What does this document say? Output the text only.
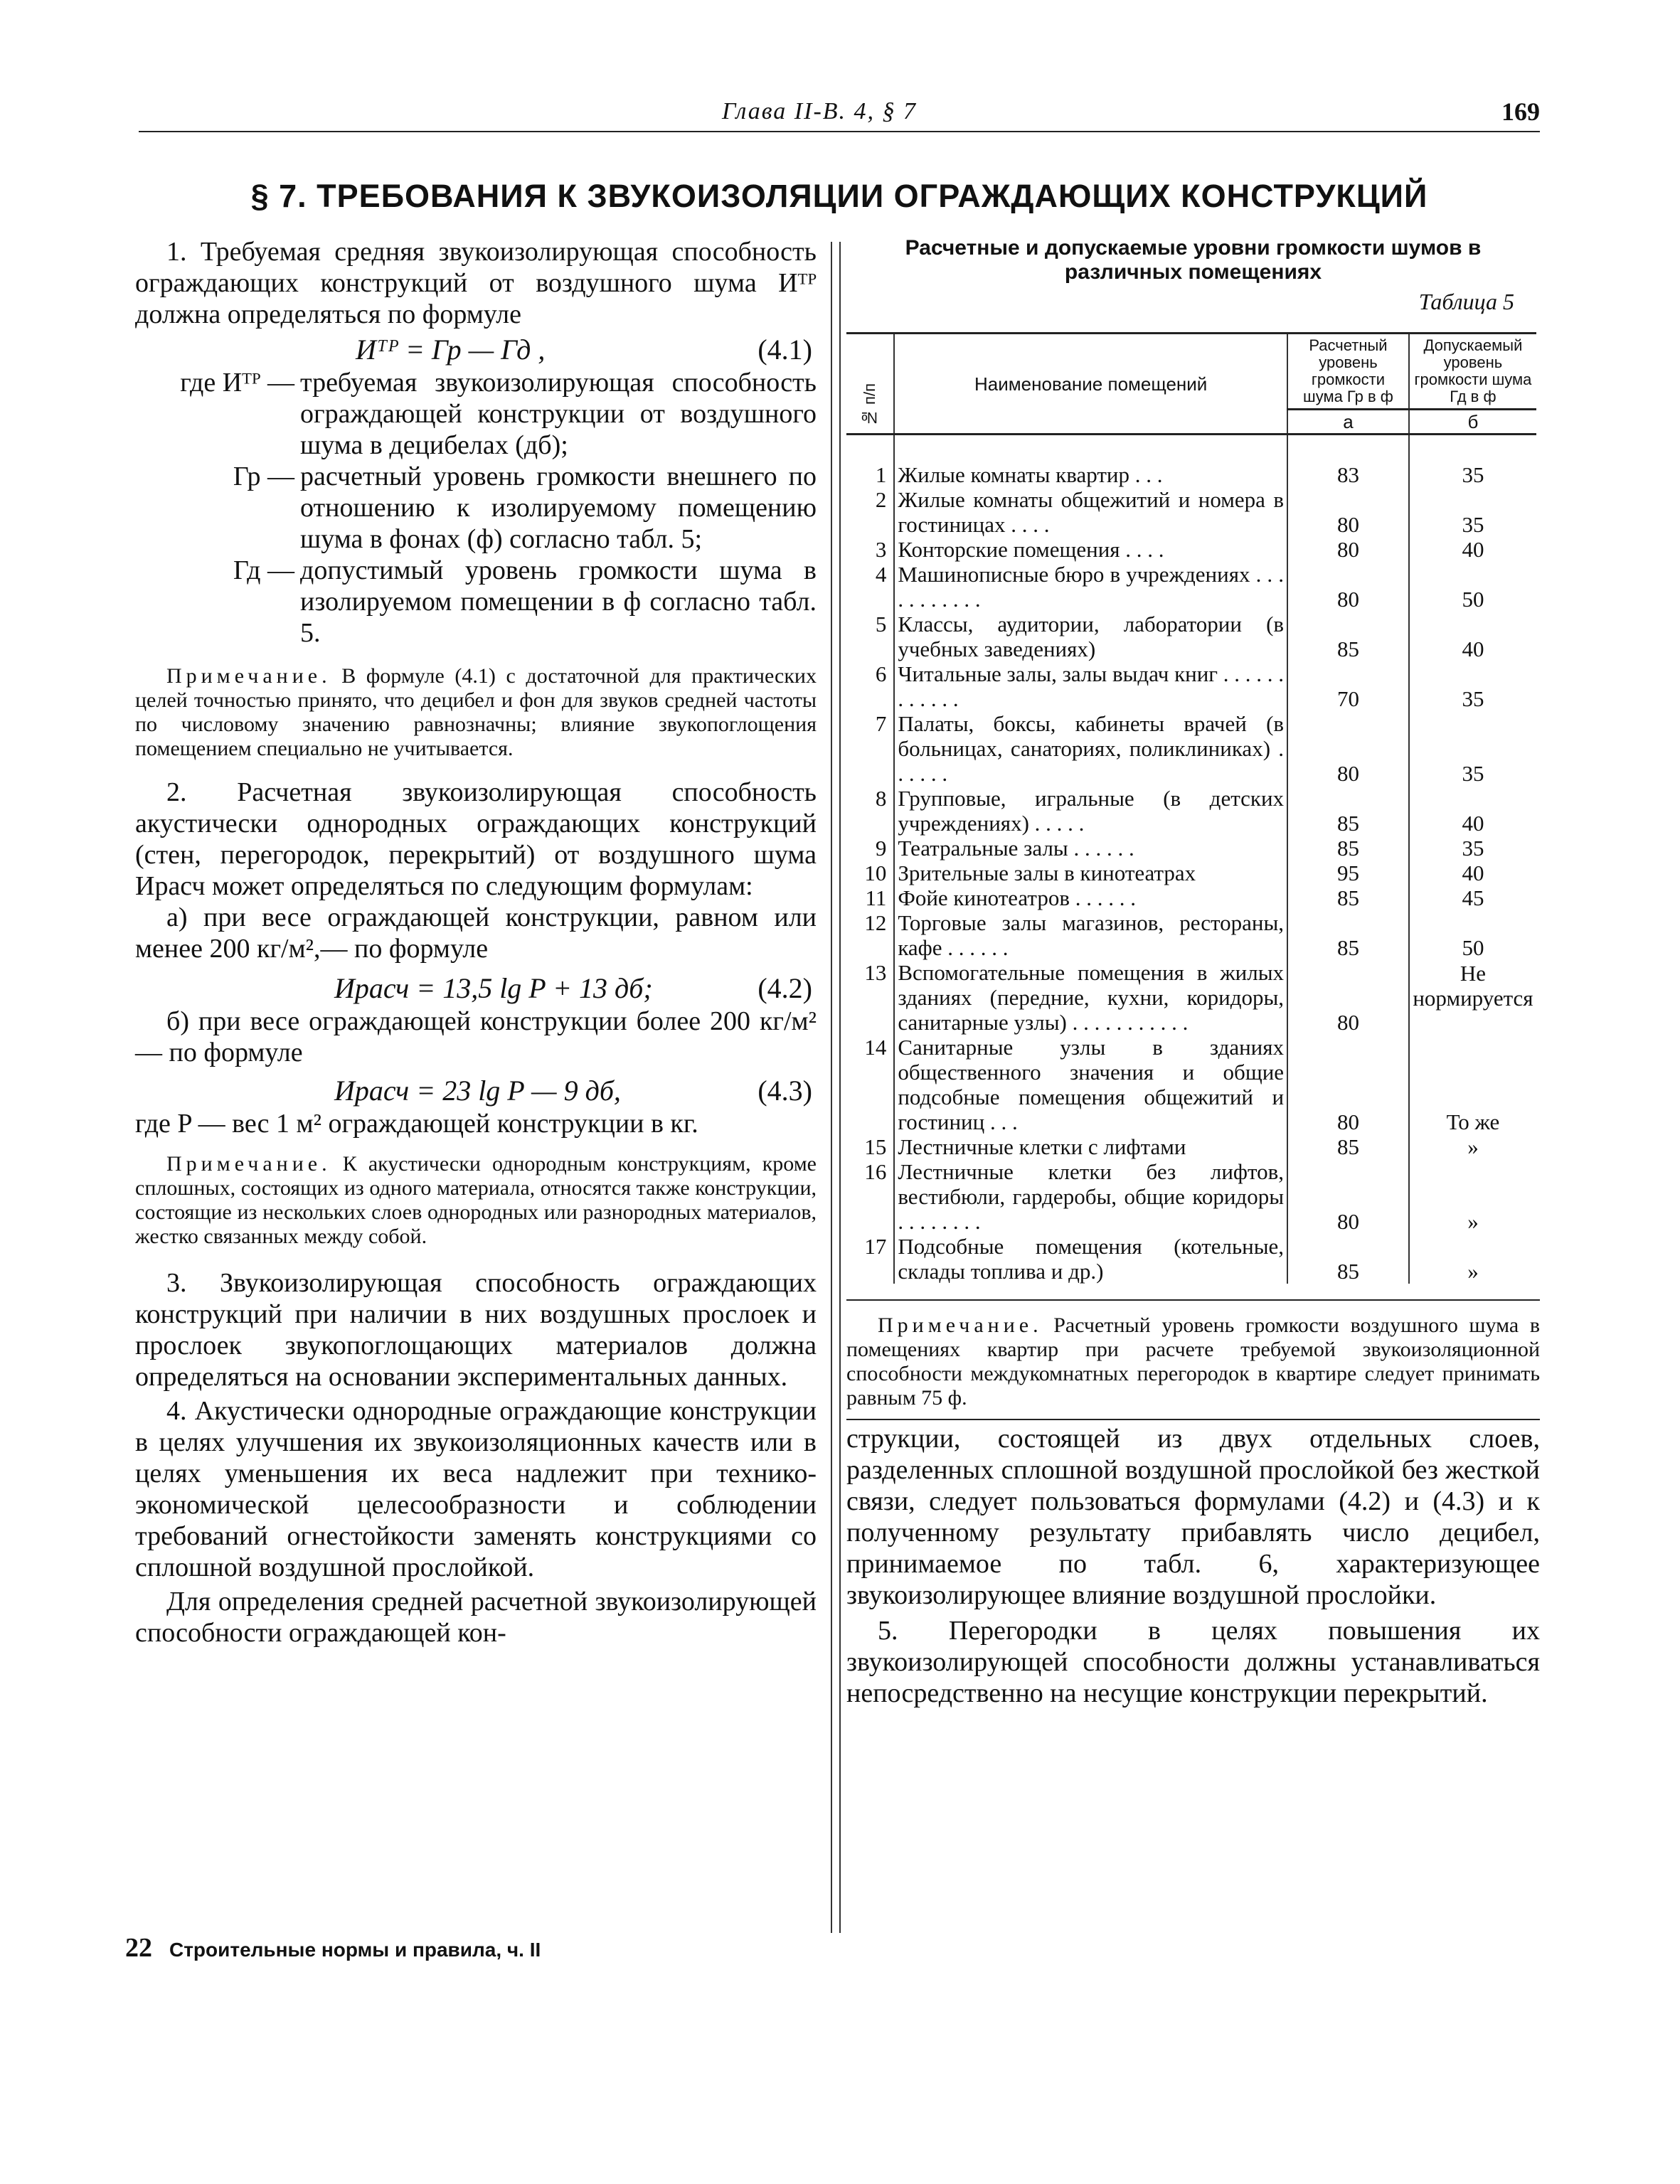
Глава II-В. 4, § 7	169
§ 7. ТРЕБОВАНИЯ К ЗВУКОИЗОЛЯЦИИ ОГРАЖДАЮЩИХ КОНСТРУКЦИЙ

1. Требуемая средняя звукоизолирующая способность ограждающих конструкций от воздушного шума Иᵀᴾ должна определяться по формуле

Иᵀᴾ = Гр — Гд ,	(4.1)
где Иᵀᴾ — требуемая звукоизолирующая способность ограждающей конструкции от воздушного шума в децибелах (дб);
Гр — расчетный уровень громкости внешнего по отношению к изолируемому помещению шума в фонах (ф) согласно табл. 5;
Гд — допустимый уровень громкости шума в изолируемом помещении в ф согласно табл. 5.

Примечание. В формуле (4.1) с достаточной для практических целей точностью принято, что децибел и фон для звуков средней частоты по числовому значению равнозначны; влияние звукопоглощения помещением специально не учитывается.

2. Расчетная звукоизолирующая способность акустически однородных ограждающих конструкций (стен, перегородок, перекрытий) от воздушного шума Ирасч может определяться по следующим формулам:

а) при весе ограждающей конструкции, равном или менее 200 кг/м²,— по формуле

Ирасч = 13,5 lg P + 13 дб;	(4.2)

б) при весе ограждающей конструкции более 200 кг/м² — по формуле

Ирасч = 23 lg P — 9 дб,	(4.3)

где P — вес 1 м² ограждающей конструкции в кг.

Примечание. К акустически однородным конструкциям, кроме сплошных, состоящих из одного материала, относятся также конструкции, состоящие из нескольких слоев однородных или разнородных материалов, жестко связанных между собой.

3. Звукоизолирующая способность ограждающих конструкций при наличии в них воздушных прослоек и прослоек звукопоглощающих материалов должна определяться на основании экспериментальных данных.

4. Акустически однородные ограждающие конструкции в целях улучшения их звукоизоляционных качеств или в целях уменьшения их веса надлежит при технико-экономической целесообразности и соблюдении требований огнестойкости заменять конструкциями со сплошной воздушной прослойкой.

Для определения средней расчетной звукоизолирующей способности ограждающей кон-

Расчетные и допускаемые уровни громкости шумов в различных помещениях
Таблица 5
№ п/п	Наименование помещений	Расчетный уровень громкости шума Гр в ф	Допускаемый уровень громкости шума Гд в ф
		а	б
1	Жилые комнаты квартир . . .	83	35
2	Жилые комнаты общежитий и номера в гостиницах . . . .	80	35
3	Конторские помещения . . . .	80	40
4	Машинописные бюро в учреждениях . . . . . . . . . . .	80	50
5	Классы, аудитории, лаборатории (в учебных заведениях)	85	40
6	Читальные залы, залы выдач книг . . . . . . . . . . . .	70	35
7	Палаты, боксы, кабинеты врачей (в больницах, санаториях, поликлиниках) . . . . . .	80	35
8	Групповые, игральные (в детских учреждениях) . . . . .	85	40
9	Театральные залы . . . . . .	85	35
10	Зрительные залы в кинотеатрах	95	40
11	Фойе кинотеатров . . . . . .	85	45
12	Торговые залы магазинов, рестораны, кафе . . . . . .	85	50
13	Вспомогательные помещения в жилых зданиях (передние, кухни, коридоры, санитарные узлы) . . . . . . . . . . .	80	Не нормируется
14	Санитарные узлы в зданиях общественного значения и общие подсобные помещения общежитий и гостиниц . . .	80	То же
15	Лестничные клетки с лифтами	85	»
16	Лестничные клетки без лифтов, вестибюли, гардеробы, общие коридоры . . . . . . . .	80	»
17	Подсобные помещения (котельные, склады топлива и др.)	85	»

Примечание. Расчетный уровень громкости воздушного шума в помещениях квартир при расчете требуемой звукоизоляционной способности междукомнатных перегородок в квартире следует принимать равным 75 ф.

струкции, состоящей из двух отдельных слоев, разделенных сплошной воздушной прослойкой без жесткой связи, следует пользоваться формулами (4.2) и (4.3) и к полученному результату прибавлять число децибел, принимаемое по табл. 6, характеризующее звукоизолирующее влияние воздушной прослойки.

5. Перегородки в целях повышения их звукоизолирующей способности должны устанавливаться непосредственно на несущие конструкции перекрытий.

22 Строительные нормы и правила, ч. II
